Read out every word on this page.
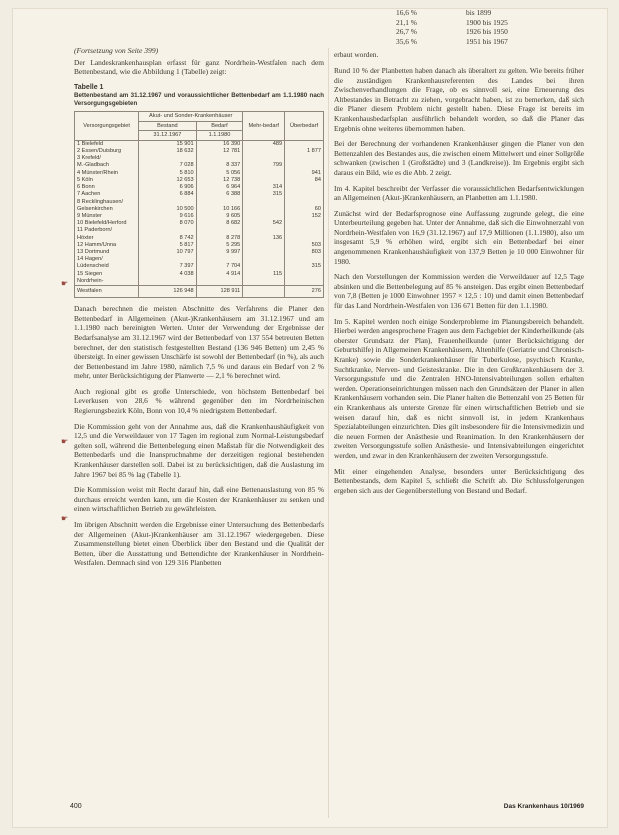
(Fortsetzung von Seite 399)

Der Landeskrankenhausplan erfasst für ganz Nordrhein-Westfalen nach dem Bettenbestand, wie die Abbildung 1 (Tabelle) zeigt:

Tabelle 1

Bettenbestand am 31.12.1967 und voraussichtlicher Bettenbedarf am 1.1.1980 nach Versorgungsgebieten

Versorgungsgebiet	Akut- und Sonder-Krankenhäuser		Mehr-bedarf	Überbedarf
	Bestand	Bedarf		
	31.12.1967	1.1.1980		
1 Bielefeld	15 901	16 390	489	
2 Essen/Duisburg	18 632	12 781		1 877
3 Krefeld/				
M.-Gladbach	7 028	8 337	799	
4 Münster/Rhein	5 810	5 056		941
5 Köln	12 653	12 738		84
6 Bonn	6 906	6 964	314	
7 Aachen	6 884	6 388	315	
8 Recklinghausen/				
Gelsenkirchen	10 500	10 166		60
9 Münster	9 616	9 605		152
10 Bielefeld/Herford	8 070	8 682	542	
11 Paderborn/				
Höxter	8 742	8 278	136	
12 Hamm/Unna	5 817	5 295		503
13 Dortmund	10 797	9 997		803
14 Hagen/				
Lüdenscheid	7 397	7 704		315
15 Siegen	4 038	4 914	115	
Nordrhein-				
Westfalen	126 948	128 911		276

Danach berechnen die meisten Abschnitte des Verfahrens die Planer den Bettenbedarf in Allgemeinen (Akut-)Krankenhäusern am 31.12.1967 und am 1.1.1980 nach bereinigten Werten. Unter der Verwendung der Ergebnisse der Bedarfsanalyse am 31.12.1967 wird der Bettenbedarf von 137 554 betreuten Betten berechnet, der den statistisch festgestellten Bestand (136 946 Betten) um 2,45 % übersteigt. In einer gewissen Unschärfe ist sowohl der Bettenbedarf (in %), als auch der Bettenbestand im Jahre 1980, nämlich 7,5 % und daraus ein Bedarf von 2 % mehr, unter Berücksichtigung der Planwerte — 2,1 % berechnet wird.

Auch regional gibt es große Unterschiede, von höchstem Bettenbedarf bei Leverkusen von 28,6 % während gegenüber den im Nordrheinischen Regierungsbezirk Köln, Bonn von 10,4 % niedrigstem Bettenbedarf.

Die Kommission geht von der Annahme aus, daß die Krankenhaushäufigkeit von 12,5 und die Verweildauer von 17 Tagen im regional zum Normal-Leistungsbedarf gelten soll, während die Bettenbelegung einen Maßstab für die Notwendigkeit des Bettenbedarfs und die Inanspruchnahme der derzeitigen regional bestehenden Krankenhäuser darstellen soll. Dabei ist zu berücksichtigen, daß die Auslastung im Jahre 1967 bei 85 % lag (Tabelle 1).

Die Kommission weist mit Recht darauf hin, daß eine Bettenauslastung von 85 % durchaus erreicht werden kann, um die Kosten der Krankenhäuser zu senken und einen wirtschaftlichen Betrieb zu gewährleisten.

Im übrigen Abschnitt werden die Ergebnisse einer Untersuchung des Bettenbedarfs der Allgemeinen (Akut-)Krankenhäuser am 31.12.1967 wiedergegeben. Diese Zusammenstellung bietet einen Überblick über den Bestand und die Qualität der Betten, über die Ausstattung und Bettendichte der Krankenhäuser in Nordrhein-Westfalen. Demnach sind von 129 316 Planbetten

☛
☛
☛
16,6 %	bis 1899
21,1 %	1900 bis 1925
26,7 %	1926 bis 1950
35,6 %	1951 bis 1967

erbaut worden.

Rund 10 % der Planbetten haben danach als überaltert zu gelten. Wie bereits früher die zuständigen Krankenhausreferenten des Landes bei ihren Zwischenverhandlungen die Frage, ob es sinnvoll sei, eine Erneuerung des Altbestandes in Betracht zu ziehen, vorgebracht haben, ist zu bemerken, daß sich die Planer diesem Problem nicht gestellt haben. Diese Frage ist bereits im Krankenhausbedarfsplan ausführlich behandelt worden, so daß die Planer das Ergebnis ohne weiteres übernommen haben.

Bei der Berechnung der vorhandenen Krankenhäuser gingen die Planer von den Bettenzahlen des Bestandes aus, die zwischen einem Mittelwert und einer Sollgröße schwanken (zwischen 1 (Großstädte) und 3 (Landkreise)). Im Ergebnis ergibt sich daraus ein Bild, wie es die Abb. 2 zeigt.

Im 4. Kapitel beschreibt der Verfasser die voraussichtlichen Bedarfsentwicklungen an Allgemeinen (Akut-)Krankenhäusern, an Planbetten am 1.1.1980.

Zunächst wird der Bedarfsprognose eine Auffassung zugrunde gelegt, die eine Unterbeurteilung gegeben hat. Unter der Annahme, daß sich die Einwohnerzahl von Nordrhein-Westfalen von 16,9 (31.12.1967) auf 17,9 Millionen (1.1.1980), also um insgesamt 5,9 % erhöhen wird, ergibt sich ein Bettenbedarf bei einer angenommenen Krankenhaushäufigkeit von 137,9 Betten je 10 000 Einwohner für 1980.

Nach den Vorstellungen der Kommission werden die Verweildauer auf 12,5 Tage absinken und die Bettenbelegung auf 85 % ansteigen. Das ergibt einen Bettenbedarf von 7,8 (Betten je 1000 Einwohner 1957 × 12,5 : 10) und damit einen Bettenbedarf für das Land Nordrhein-Westfalen von 136 671 Betten für den 1.1.1980.

Im 5. Kapitel werden noch einige Sonderprobleme im Planungsbereich behandelt. Hierbei werden angesprochene Fragen aus dem Fachgebiet der Kinderheilkunde (als oberster Grundsatz der Plan), Frauenheilkunde (unter Berücksichtigung der Geburtshilfe) in Allgemeinen Krankenhäusern, Altenhilfe (Geriatrie und Chronisch-Kranke) sowie die Sonderkrankenhäuser für Tuberkulose, psychisch Kranke, Suchtkranke, Nerven- und Geisteskranke. Die in den Großkrankenhäusern der 3. Versorgungsstufe und die Zentralen HNO-Intensivabteilungen sollen erhalten werden. Operationseinrichtungen müssen nach den Grundsätzen der Planer in allen Krankenhäusern vorhanden sein. Die Planer halten die Bettenzahl von 25 Betten für ein Krankenhaus als unterste Grenze für einen wirtschaftlichen Betrieb und sie weisen darauf hin, daß es nicht sinnvoll ist, in jedem Krankenhaus Spezialabteilungen einzurichten. Dies gilt insbesondere für die Intensivmedizin und die neuen Formen der Anästhesie und Reanimation. In den Krankenhäusern der zweiten Versorgungsstufe sollen Anästhesie- und Intensivabteilungen eingerichtet werden, und zwar in den Krankenhäusern der zweiten Versorgungsstufe.

Mit einer eingehenden Analyse, besonders unter Berücksichtigung des Bettenbestands, dem Kapitel 5, schließt die Schrift ab. Die Schlussfolgerungen ergeben sich aus der Gegenüberstellung von Bestand und Bedarf.

400	Das Krankenhaus 10/1969
